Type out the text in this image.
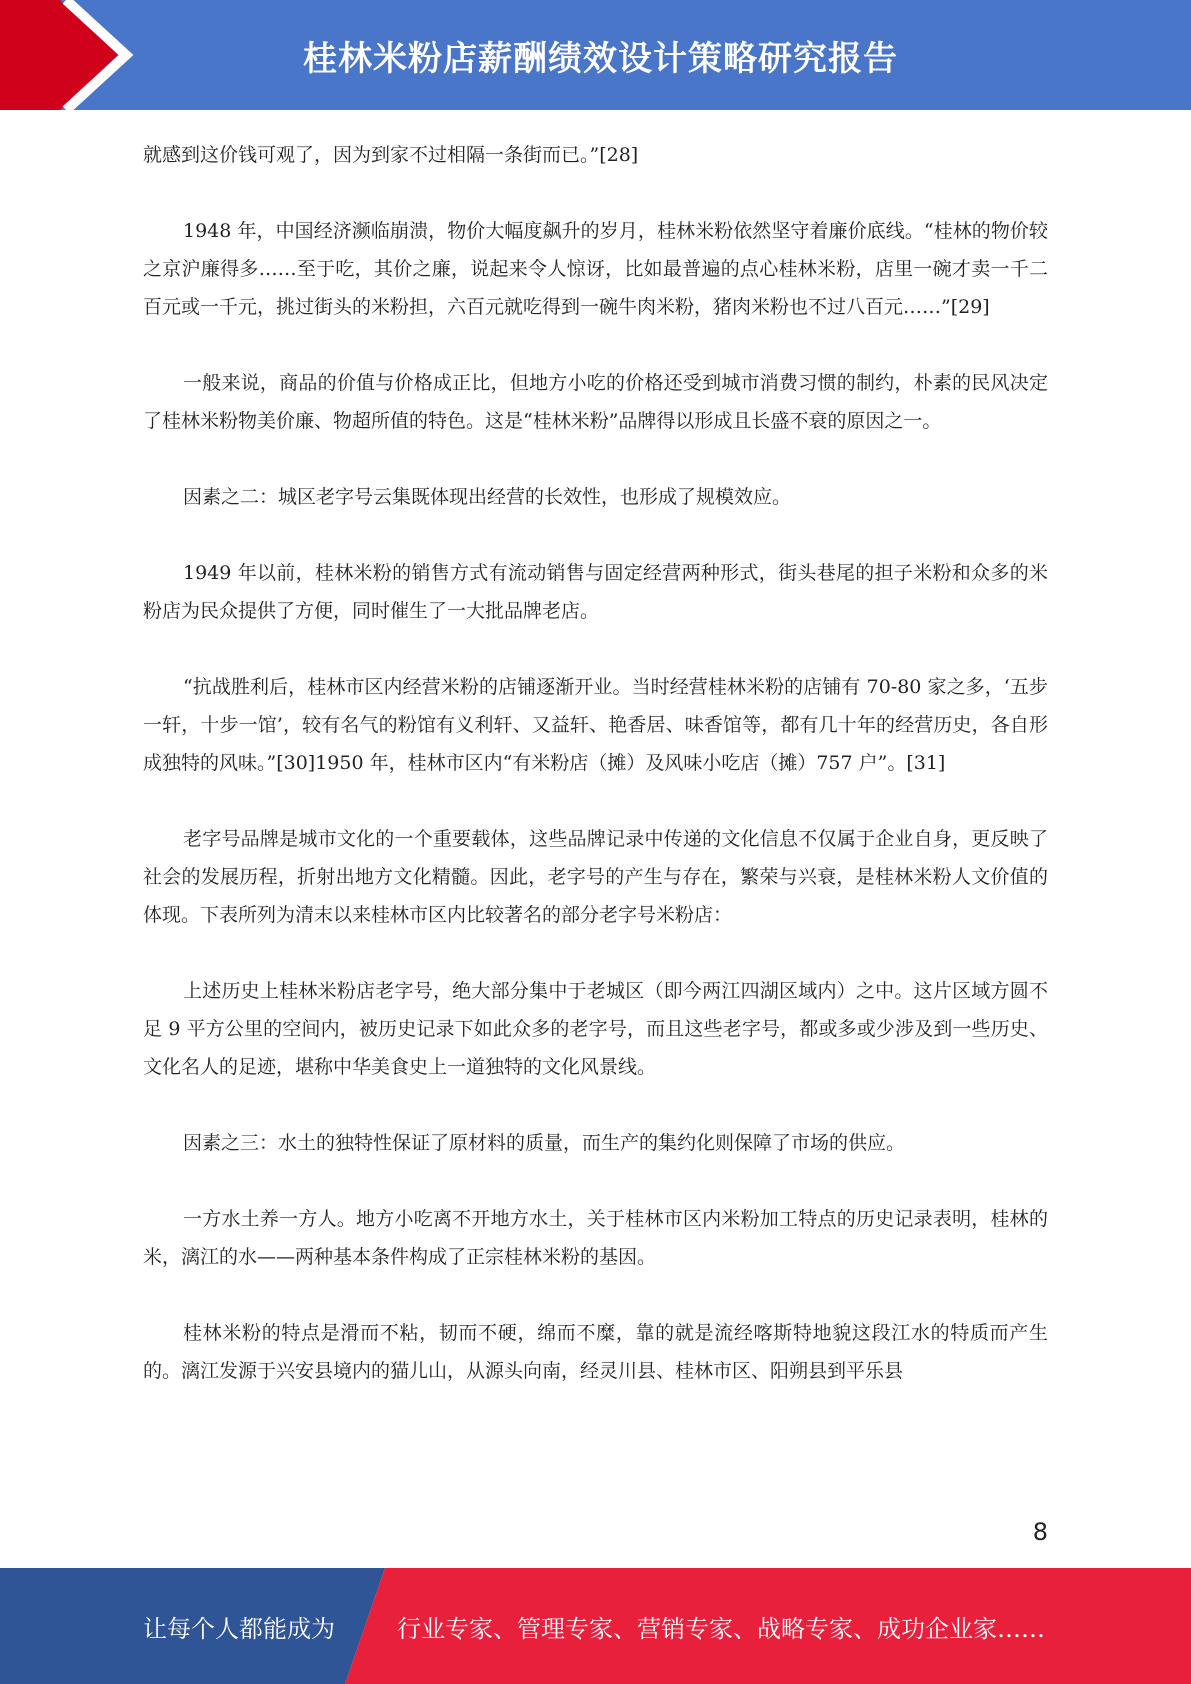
桂林米粉店薪酬绩效设计策略研究报告

就感到这价钱可观了，因为到家不过相隔一条街而已。”[28]

1948 年，中国经济濒临崩溃，物价大幅度飙升的岁月，桂林米粉依然坚守着廉价底线。“桂林的物价较之京沪廉得多……至于吃，其价之廉，说起来令人惊讶，比如最普遍的点心桂林米粉，店里一碗才卖一千二百元或一千元，挑过街头的米粉担，六百元就吃得到一碗牛肉米粉，猪肉米粉也不过八百元……”[29]

一般来说，商品的价值与价格成正比，但地方小吃的价格还受到城市消费习惯的制约，朴素的民风决定了桂林米粉物美价廉、物超所值的特色。这是“桂林米粉”品牌得以形成且长盛不衰的原因之一。

因素之二：城区老字号云集既体现出经营的长效性，也形成了规模效应。

1949 年以前，桂林米粉的销售方式有流动销售与固定经营两种形式，街头巷尾的担子米粉和众多的米粉店为民众提供了方便，同时催生了一大批品牌老店。

“抗战胜利后，桂林市区内经营米粉的店铺逐渐开业。当时经营桂林米粉的店铺有 70-80 家之多，‘五步一轩，十步一馆’，较有名气的粉馆有义利轩、又益轩、艳香居、味香馆等，都有几十年的经营历史，各自形成独特的风味。”[30]1950 年，桂林市区内“有米粉店（摊）及风味小吃店（摊）757 户”。[31]

老字号品牌是城市文化的一个重要载体，这些品牌记录中传递的文化信息不仅属于企业自身，更反映了社会的发展历程，折射出地方文化精髓。因此，老字号的产生与存在，繁荣与兴衰，是桂林米粉人文价值的体现。下表所列为清末以来桂林市区内比较著名的部分老字号米粉店：

上述历史上桂林米粉店老字号，绝大部分集中于老城区（即今两江四湖区域内）之中。这片区域方圆不足 9 平方公里的空间内，被历史记录下如此众多的老字号，而且这些老字号，都或多或少涉及到一些历史、文化名人的足迹，堪称中华美食史上一道独特的文化风景线。

因素之三：水土的独特性保证了原材料的质量，而生产的集约化则保障了市场的供应。

一方水土养一方人。地方小吃离不开地方水土，关于桂林市区内米粉加工特点的历史记录表明，桂林的米，漓江的水——两种基本条件构成了正宗桂林米粉的基因。

桂林米粉的特点是滑而不粘，韧而不硬，绵而不糜，靠的就是流经喀斯特地貌这段江水的特质而产生的。漓江发源于兴安县境内的猫儿山，从源头向南，经灵川县、桂林市区、阳朔县到平乐县

8
让每个人都能成为	行业专家、管理专家、营销专家、战略专家、成功企业家……
